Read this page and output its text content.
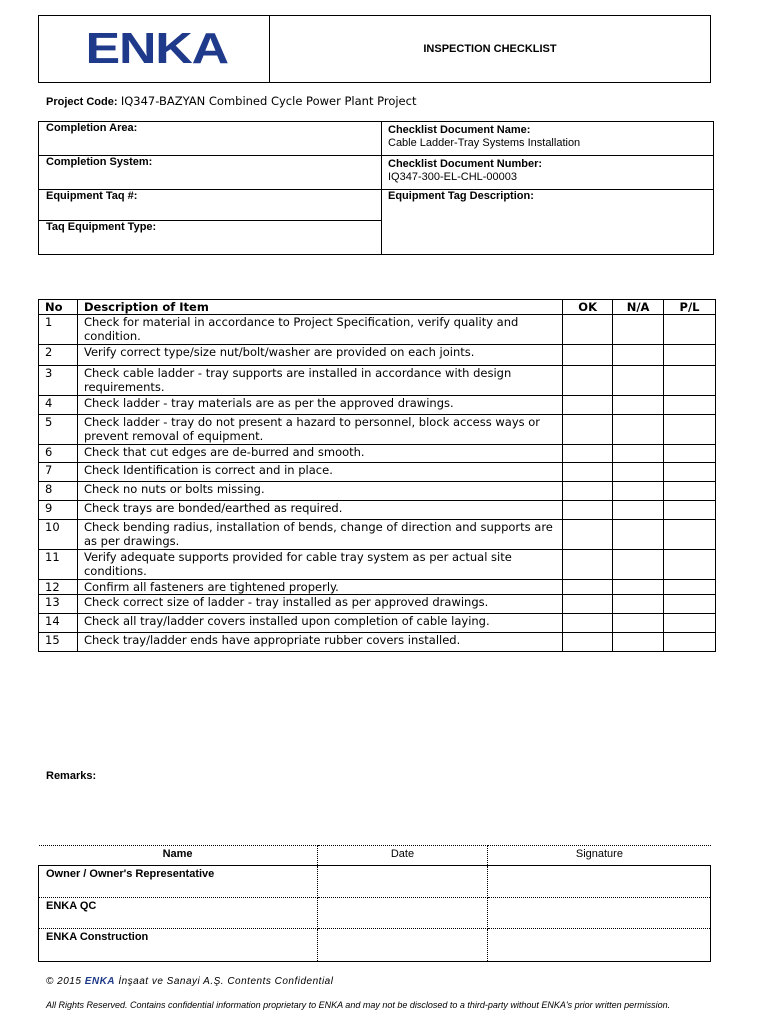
ENKA	INSPECTION CHECKLIST
Project Code: IQ347-BAZYAN Combined Cycle Power Plant Project
Completion Area:	Checklist Document Name:
Cable Ladder-Tray Systems Installation
Completion System:	Checklist Document Number:
IQ347-300-EL-CHL-00003
Equipment Taq #:
Taq Equipment Type:
Equipment Tag Description:
No	Description of Item	OK	N/A	P/L
1	Check for material in accordance to Project Specification, verify quality and condition.			
2	Verify correct type/size nut/bolt/washer are provided on each joints.			
3	Check cable ladder - tray supports are installed in accordance with design requirements.			
4	Check ladder - tray materials are as per the approved drawings.			
5	Check ladder - tray do not present a hazard to personnel, block access ways or prevent removal of equipment.			
6	Check that cut edges are de-burred and smooth.			
7	Check Identification is correct and in place.			
8	Check no nuts or bolts missing.			
9	Check trays are bonded/earthed as required.			
10	Check bending radius, installation of bends, change of direction and supports are as per drawings.			
11	Verify adequate supports provided for cable tray system as per actual site conditions.			
12	Confirm all fasteners are tightened properly.			
13	Check correct size of ladder - tray installed as per approved drawings.			
14	Check all tray/ladder covers installed upon completion of cable laying.			
15	Check tray/ladder ends have appropriate rubber covers installed.			
Remarks:
Name	Date	Signature
Owner / Owner's Representative		
ENKA QC		
ENKA Construction		
© 2015 ENKA İnşaat ve Sanayi A.Ş. Contents Confidential
All Rights Reserved. Contains confidential information proprietary to ENKA and may not be disclosed to a third-party without ENKA's prior written permission.
